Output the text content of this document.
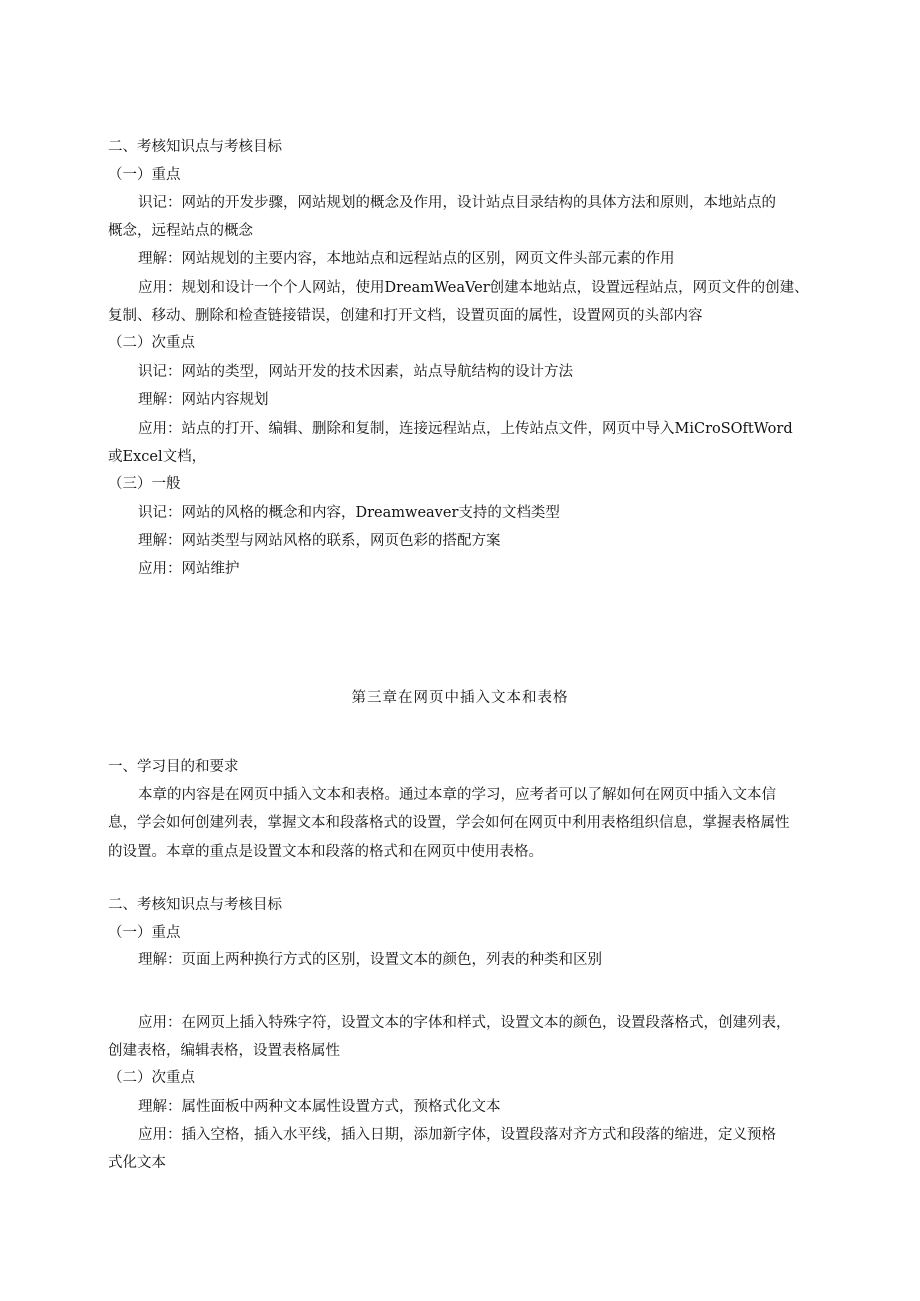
二、考核知识点与考核目标
（一）重点
识记：网站的开发步骤，网站规划的概念及作用，设计站点目录结构的具体方法和原则，本地站点的
概念，远程站点的概念
理解：网站规划的主要内容，本地站点和远程站点的区别，网页文件头部元素的作用
应用：规划和设计一个个人网站，使用DreamWeaVer创建本地站点，设置远程站点，网页文件的创建、
复制、移动、删除和检查链接错误，创建和打开文档，设置页面的属性，设置网页的头部内容
（二）次重点
识记：网站的类型，网站开发的技术因素，站点导航结构的设计方法
理解：网站内容规划
应用：站点的打开、编辑、删除和复制，连接远程站点，上传站点文件，网页中导入MiCroSOftWord
或Excel文档，
（三）一般
识记：网站的风格的概念和内容，Dreamweaver支持的文档类型
理解：网站类型与网站风格的联系，网页色彩的搭配方案
应用：网站维护
第三章在网页中插入文本和表格
一、学习目的和要求
本章的内容是在网页中插入文本和表格。通过本章的学习，应考者可以了解如何在网页中插入文本信
息，学会如何创建列表，掌握文本和段落格式的设置，学会如何在网页中利用表格组织信息，掌握表格属性
的设置。本章的重点是设置文本和段落的格式和在网页中使用表格。
二、考核知识点与考核目标
（一）重点
理解：页面上两种换行方式的区别，设置文本的颜色，列表的种类和区别
应用：在网页上插入特殊字符，设置文本的字体和样式，设置文本的颜色，设置段落格式，创建列表，
创建表格，编辑表格，设置表格属性
（二）次重点
理解：属性面板中两种文本属性设置方式，预格式化文本
应用：插入空格，插入水平线，插入日期，添加新字体，设置段落对齐方式和段落的缩进，定义预格
式化文本
